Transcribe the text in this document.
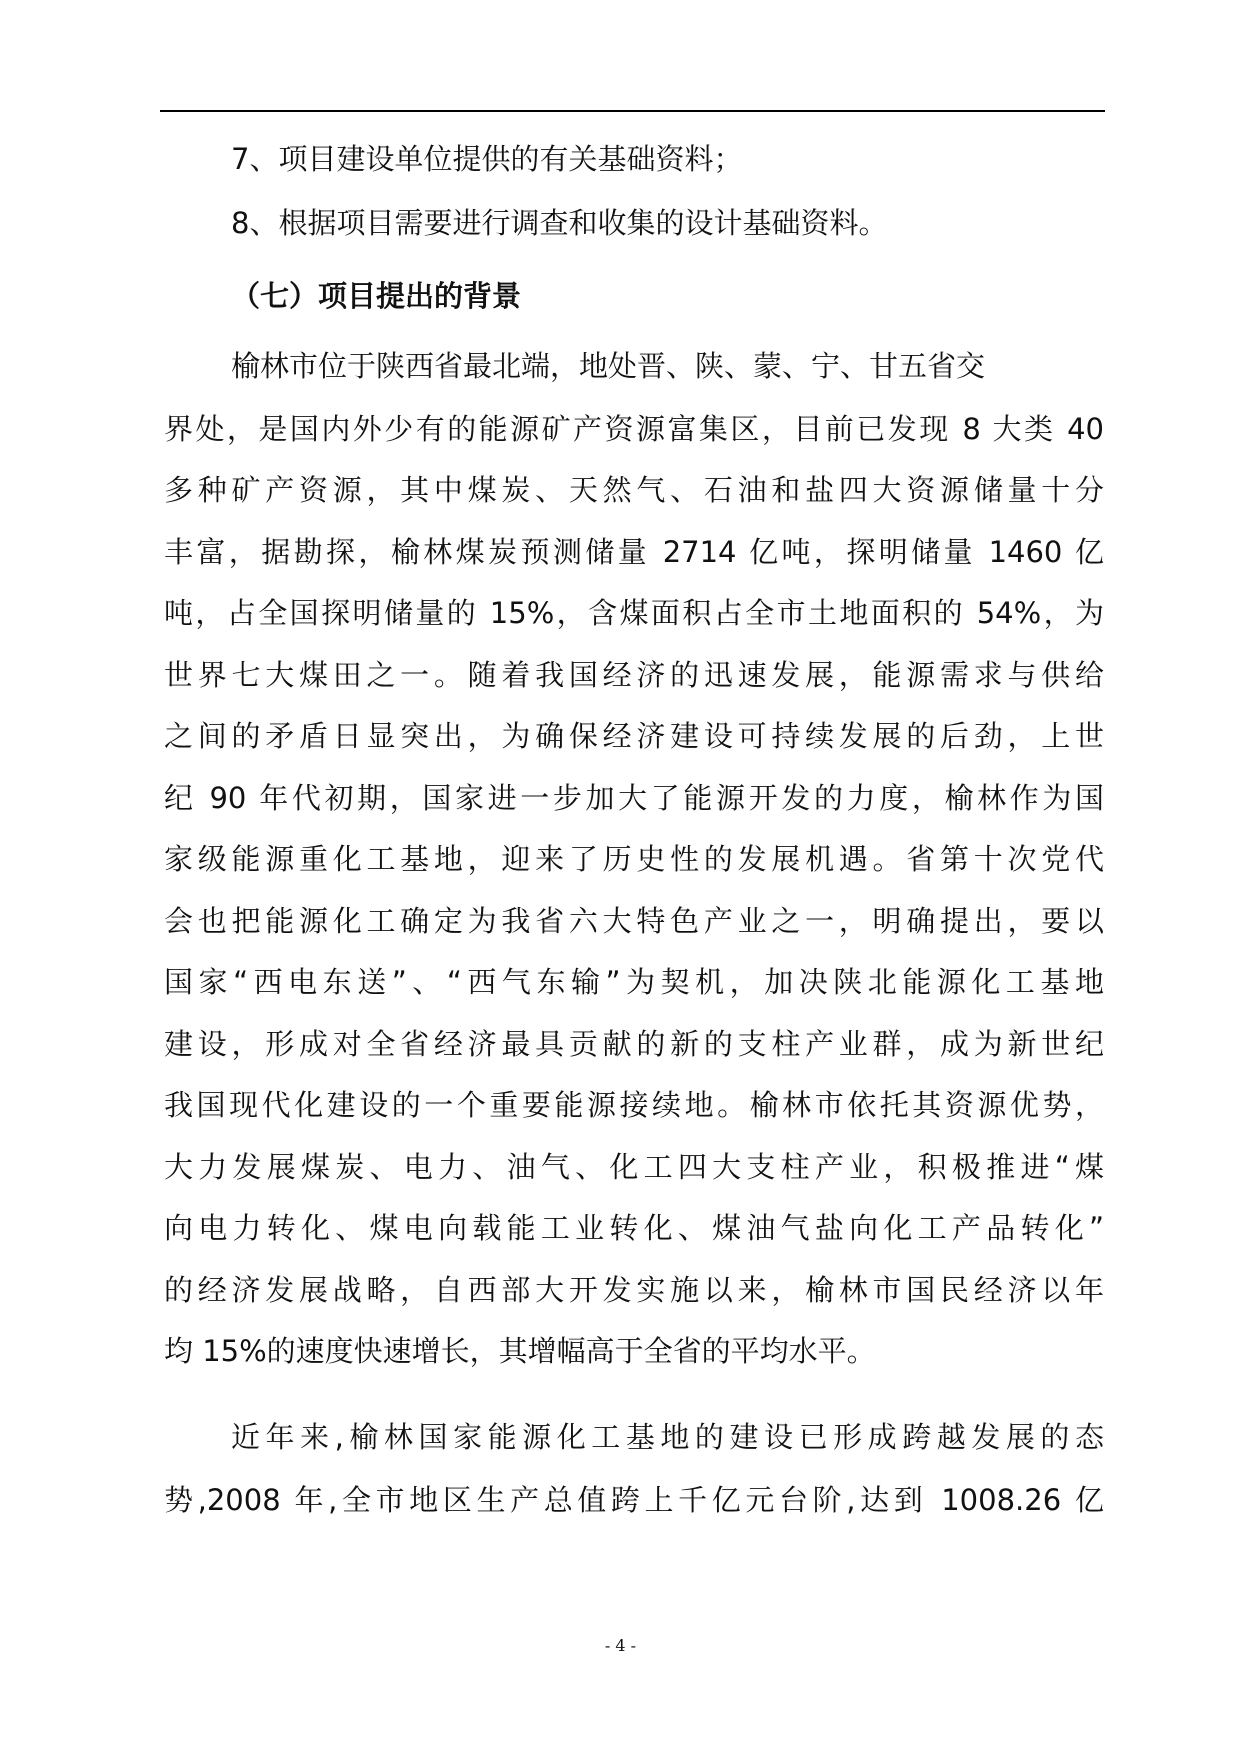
7、项目建设单位提供的有关基础资料；
8、根据项目需要进行调查和收集的设计基础资料。
（七）项目提出的背景
榆林市位于陕西省最北端，地处晋、陕、蒙、宁、甘五省交
界处，是国内外少有的能源矿产资源富集区，目前已发现 8 大类 40
多种矿产资源，其中煤炭、天然气、石油和盐四大资源储量十分
丰富，据勘探，榆林煤炭预测储量 2714 亿吨，探明储量 1460 亿
吨，占全国探明储量的 15%，含煤面积占全市土地面积的 54%，为
世界七大煤田之一。随着我国经济的迅速发展，能源需求与供给
之间的矛盾日显突出，为确保经济建设可持续发展的后劲，上世
纪 90 年代初期，国家进一步加大了能源开发的力度，榆林作为国
家级能源重化工基地，迎来了历史性的发展机遇。省第十次党代
会也把能源化工确定为我省六大特色产业之一，明确提出，要以
国家“西电东送”、“西气东输”为契机，加决陕北能源化工基地
建设，形成对全省经济最具贡献的新的支柱产业群，成为新世纪
我国现代化建设的一个重要能源接续地。榆林市依托其资源优势，
大力发展煤炭、电力、油气、化工四大支柱产业，积极推进“煤
向电力转化、煤电向载能工业转化、煤油气盐向化工产品转化”
的经济发展战略，自西部大开发实施以来，榆林市国民经济以年
均 15%的速度快速增长，其增幅高于全省的平均水平。
近年来,榆林国家能源化工基地的建设已形成跨越发展的态
势,2008 年,全市地区生产总值跨上千亿元台阶,达到 1008.26 亿
- 4 -
